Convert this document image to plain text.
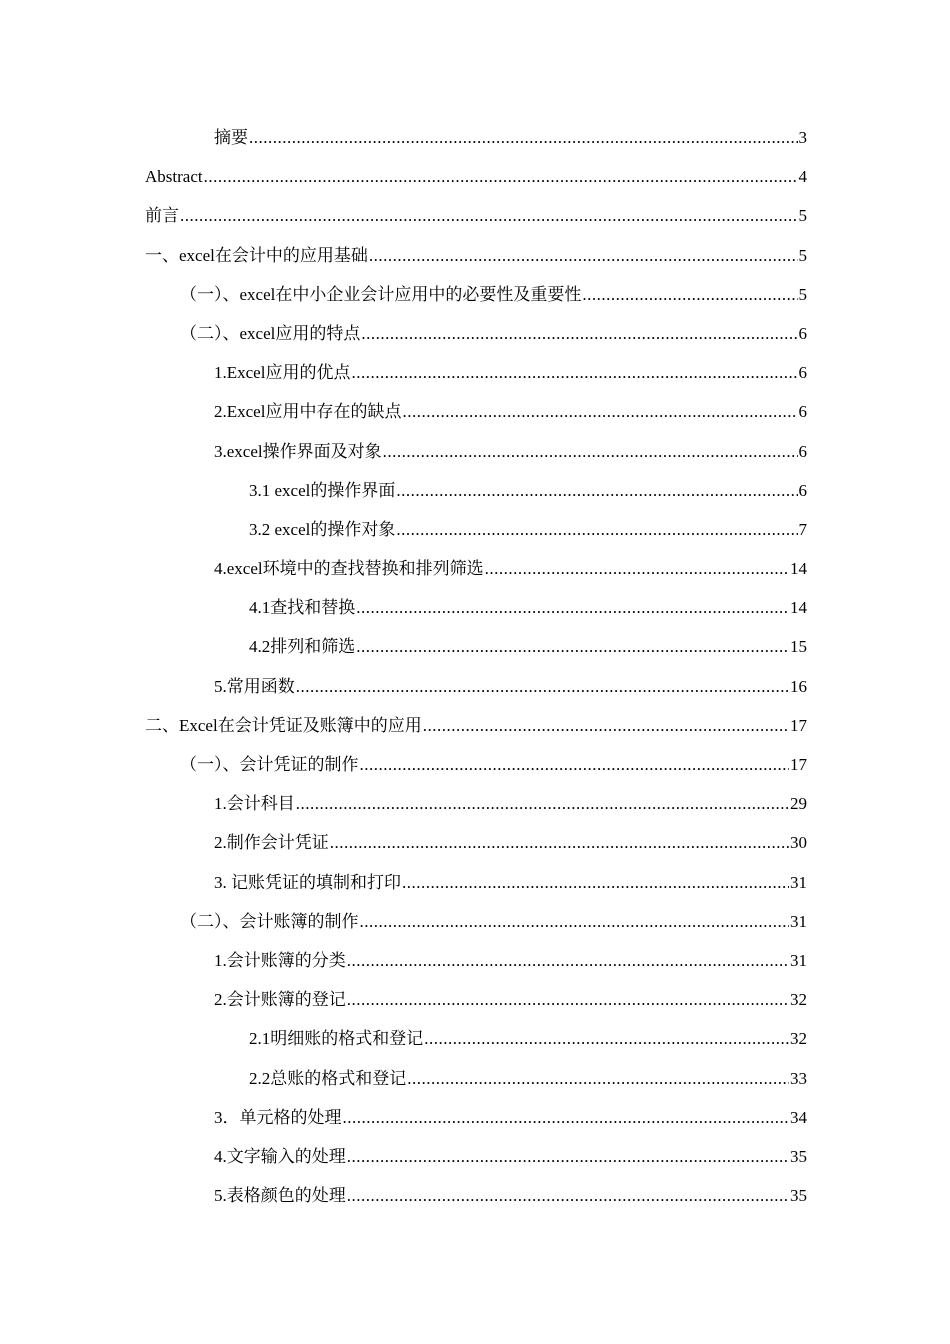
摘要 .....	3
Abstract .....	4
前言 .....	5
一、excel在会计中的应用基础 .....	5
（一）、excel在中小企业会计应用中的必要性及重要性 .....	5
（二）、excel应用的特点 .....	6
1.Excel应用的优点 .....	6
2.Excel应用中存在的缺点 .....	6
3.excel操作界面及对象 .....	6
3.1 excel的操作界面 .....	6
3.2 excel的操作对象 .....	7
4.excel环境中的查找替换和排列筛选 .....	14
4.1查找和替换 .....	14
4.2排列和筛选 .....	15
5.常用函数 .....	16
二、Excel在会计凭证及账簿中的应用 .....	17
（一）、会计凭证的制作 .....	17
1.会计科目 .....	29
2.制作会计凭证 .....	30
3. 记账凭证的填制和打印 .....	31
（二）、会计账簿的制作 .....	31
1.会计账簿的分类 .....	31
2.会计账簿的登记 .....	32
2.1明细账的格式和登记 .....	32
2.2总账的格式和登记 .....	33
3．单元格的处理 .....	34
4.文字输入的处理 .....	35
5.表格颜色的处理 .....	35
